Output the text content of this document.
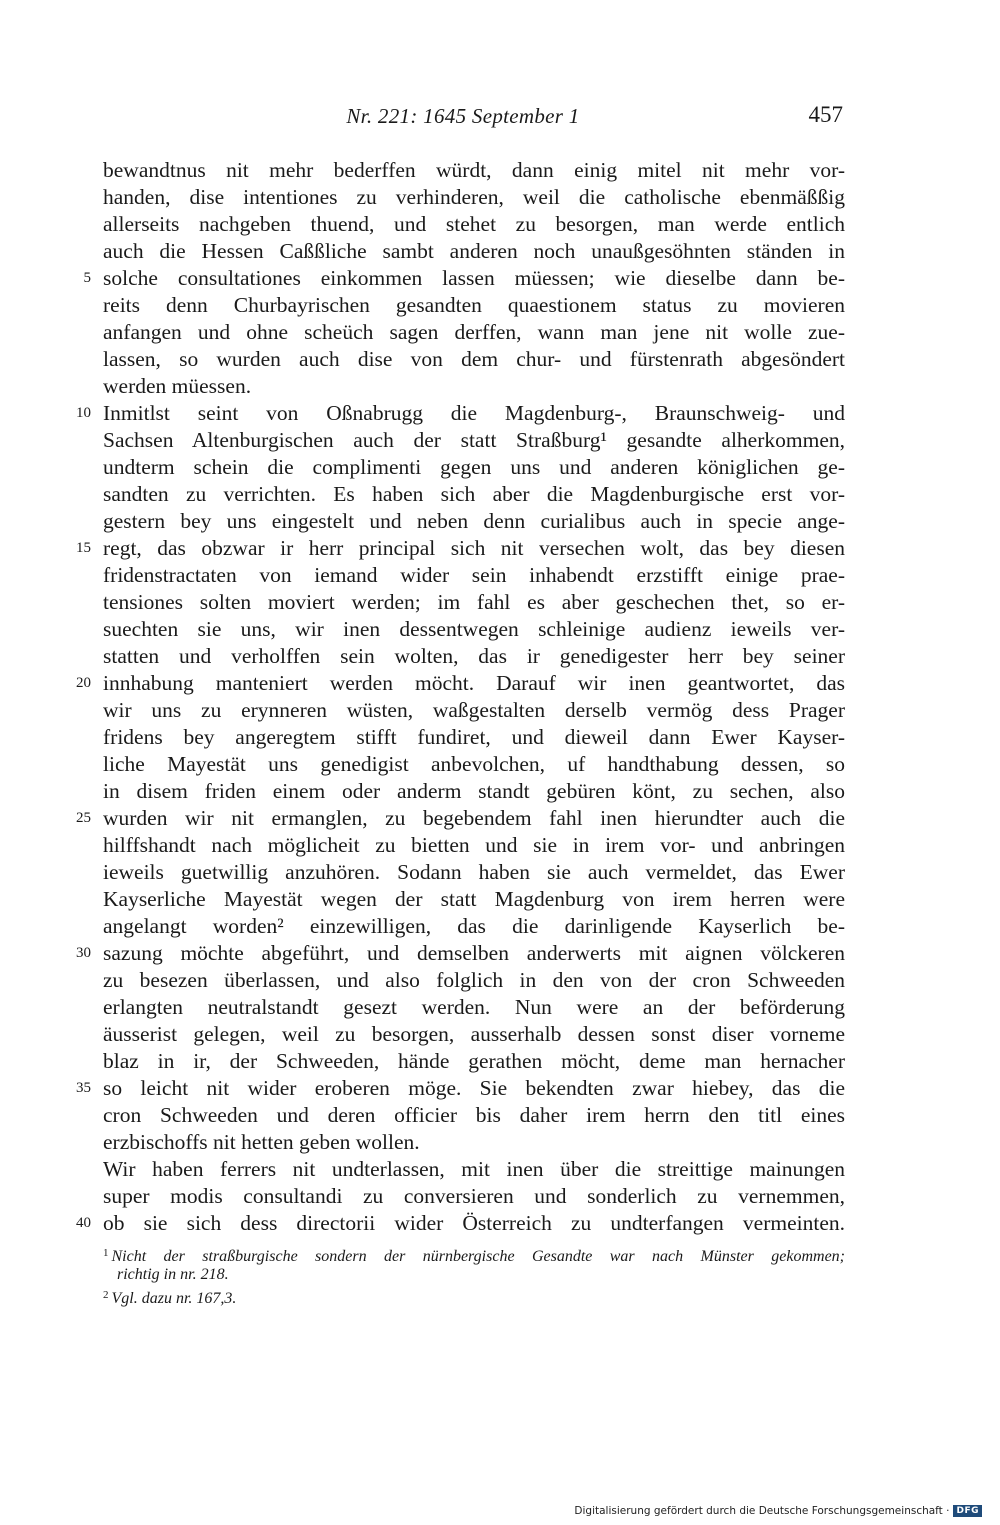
Nr. 221: 1645 September 1	457
bewandtnus nit mehr bederffen würdt, dann einig mitel nit mehr vor-
handen, dise intentiones zu verhinderen, weil die catholische ebenmäßßig
allerseits nachgeben thuend, und stehet zu besorgen, man werde entlich
auch die Hessen Caßßliche sambt anderen noch unaußgesöhnten ständen in
5 solche consultationes einkommen lassen müessen; wie dieselbe dann be-
reits denn Churbayrischen gesandten quaestionem status zu movieren
anfangen und ohne scheüch sagen derffen, wann man jene nit wolle zue-
lassen, so wurden auch dise von dem chur- und fürstenrath abgesöndert
werden müessen.
10 Inmitlst seint von Oßnabrugg die Magdenburg-, Braunschweig- und
Sachsen Altenburgischen auch der statt Straßburg¹ gesandte alherkommen,
undterm schein die complimenti gegen uns und anderen königlichen ge-
sandten zu verrichten. Es haben sich aber die Magdenburgische erst vor-
gestern bey uns eingestelt und neben denn curialibus auch in specie ange-
15 regt, das obzwar ir herr principal sich nit versechen wolt, das bey diesen
fridenstractaten von iemand wider sein inhabendt erzstifft einige prae-
tensiones solten moviert werden; im fahl es aber geschechen thet, so er-
suechten sie uns, wir inen dessentwegen schleinige audienz ieweils ver-
statten und verholffen sein wolten, das ir genedigester herr bey seiner
20 innhabung manteniert werden möcht. Darauf wir inen geantwortet, das
wir uns zu erynneren wüsten, waßgestalten derselb vermög dess Prager
fridens bey angeregtem stifft fundiret, und dieweil dann Ewer Kayser-
liche Mayestät uns genedigist anbevolchen, uf handthabung dessen, so
in disem friden einem oder anderm standt gebüren könt, zu sechen, also
25 wurden wir nit ermanglen, zu begebendem fahl inen hierundter auch die
hilffshandt nach möglicheit zu bietten und sie in irem vor- und anbringen
ieweils guetwillig anzuhören. Sodann haben sie auch vermeldet, das Ewer
Kayserliche Mayestät wegen der statt Magdenburg von irem herren were
angelangt worden² einzewilligen, das die darinligende Kayserlich be-
30 sazung möchte abgeführt, und demselben anderwerts mit aignen völckeren
zu besezen überlassen, und also folglich in den von der cron Schweeden
erlangten neutralstandt gesezt werden. Nun were an der beförderung
äusserist gelegen, weil zu besorgen, ausserhalb dessen sonst diser vorneme
blaz in ir, der Schweeden, hände gerathen möcht, deme man hernacher
35 so leicht nit wider eroberen möge. Sie bekendten zwar hiebey, das die
cron Schweeden und deren officier bis daher irem herrn den titl eines
erzbischoffs nit hetten geben wollen.
Wir haben ferrers nit undterlassen, mit inen über die streittige mainungen
super modis consultandi zu conversieren und sonderlich zu vernemmen,
40 ob sie sich dess directorii wider Österreich zu undterfangen vermeinten.
$^1$ Nicht der straßburgische sondern der nürnbergische Gesandte war nach Münster gekommen;
richtig in nr. 218.
$^2$ Vgl. dazu nr. 167,3.
Digitalisierung gefördert durch die Deutsche Forschungsgemeinschaft · DFG
